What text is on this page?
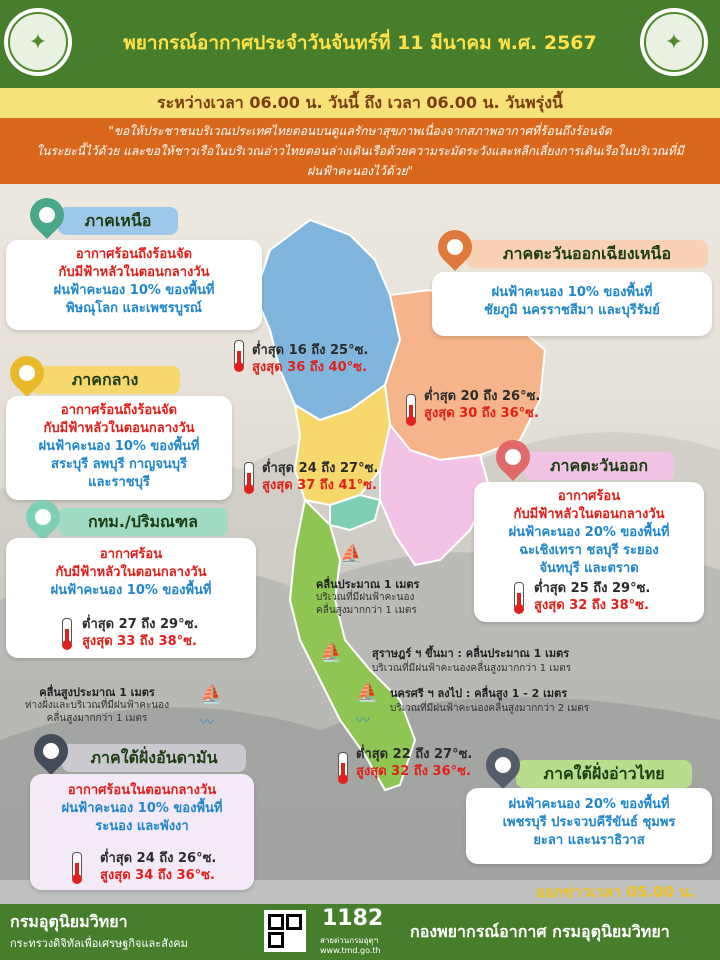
✦	พยากรณ์อากาศประจำวันจันทร์ที่ 11 มีนาคม พ.ศ. 2567	✦
ระหว่างเวลา 06.00 น. วันนี้ ถึง เวลา 06.00 น. วันพรุ่งนี้
"ขอให้ประชาชนบริเวณประเทศไทยตอนบนดูแลรักษาสุขภาพเนื่องจากสภาพอากาศที่ร้อนถึงร้อนจัด
ในระยะนี้ไว้ด้วย และขอให้ชาวเรือในบริเวณอ่าวไทยตอนล่างเดินเรือด้วยความระมัดระวังและหลีกเลี่ยงการเดินเรือในบริเวณที่มี
ฝนฟ้าคะนองไว้ด้วย"
ภาคเหนือ
อากาศร้อนถึงร้อนจัด
กับมีฟ้าหลัวในตอนกลางวัน
ฝนฟ้าคะนอง 10% ของพื้นที่
พิษณุโลก และเพชรบูรณ์
ต่ำสุด 16 ถึง 25°ซ.
สูงสุด 36 ถึง 40°ซ.
ภาคตะวันออกเฉียงเหนือ
ฝนฟ้าคะนอง 10% ของพื้นที่
ชัยภูมิ นครราชสีมา และบุรีรัมย์
ต่ำสุด 20 ถึง 26°ซ.
สูงสุด 30 ถึง 36°ซ.
ภาคกลาง
อากาศร้อนถึงร้อนจัด
กับมีฟ้าหลัวในตอนกลางวัน
ฝนฟ้าคะนอง 10% ของพื้นที่
สระบุรี ลพบุรี กาญจนบุรี
และราชบุรี
ต่ำสุด 24 ถึง 27°ซ.
สูงสุด 37 ถึง 41°ซ.
ภาคตะวันออก
อากาศร้อน
กับมีฟ้าหลัวในตอนกลางวัน
ฝนฟ้าคะนอง 20% ของพื้นที่
ฉะเชิงเทรา ชลบุรี ระยอง
จันทบุรี และตราด
ต่ำสุด 25 ถึง 29°ซ.
สูงสุด 32 ถึง 38°ซ.
กทม./ปริมณฑล
อากาศร้อน
กับมีฟ้าหลัวในตอนกลางวัน
ฝนฟ้าคะนอง 10% ของพื้นที่
ต่ำสุด 27 ถึง 29°ซ.
สูงสุด 33 ถึง 38°ซ.
ภาคใต้ฝั่งอันดามัน
อากาศร้อนในตอนกลางวัน
ฝนฟ้าคะนอง 10% ของพื้นที่
ระนอง และพังงา
ต่ำสุด 24 ถึง 26°ซ.
สูงสุด 34 ถึง 36°ซ.
ภาคใต้ฝั่งอ่าวไทย
ฝนฟ้าคะนอง 20% ของพื้นที่
เพชรบุรี ประจวบคีรีขันธ์ ชุมพร
ยะลา และนราธิวาส
ต่ำสุด 22 ถึง 27°ซ.
สูงสุด 32 ถึง 36°ซ.
⛵
คลื่นประมาณ 1 เมตร
บริเวณที่มีฝนฟ้าคะนอง
คลื่นสูงมากกว่า 1 เมตร
⛵	สุราษฎร์ ฯ ขึ้นมา : คลื่นประมาณ 1 เมตร
บริเวณที่มีฝนฟ้าคะนองคลื่นสูงมากกว่า 1 เมตร
⛵ นครศรี ฯ ลงไป : คลื่นสูง 1 - 2 เมตร
บริเวณที่มีฝนฟ้าคะนองคลื่นสูงมากกว่า 2 เมตร
〰
⛵
คลื่นสูงประมาณ 1 เมตร
ห่างฝั่งและบริเวณที่มีฝนฟ้าคะนอง
คลื่นสูงมากกว่า 1 เมตร	〰
ออกข่าวเวลา 05.00 น.
กรมอุตุนิยมวิทยา
กระทรวงดิจิทัลเพื่อเศรษฐกิจและสังคม
1182
สายด่วนกรมอุตุฯ
www.tmd.go.th
กองพยากรณ์อากาศ กรมอุตุนิยมวิทยา
